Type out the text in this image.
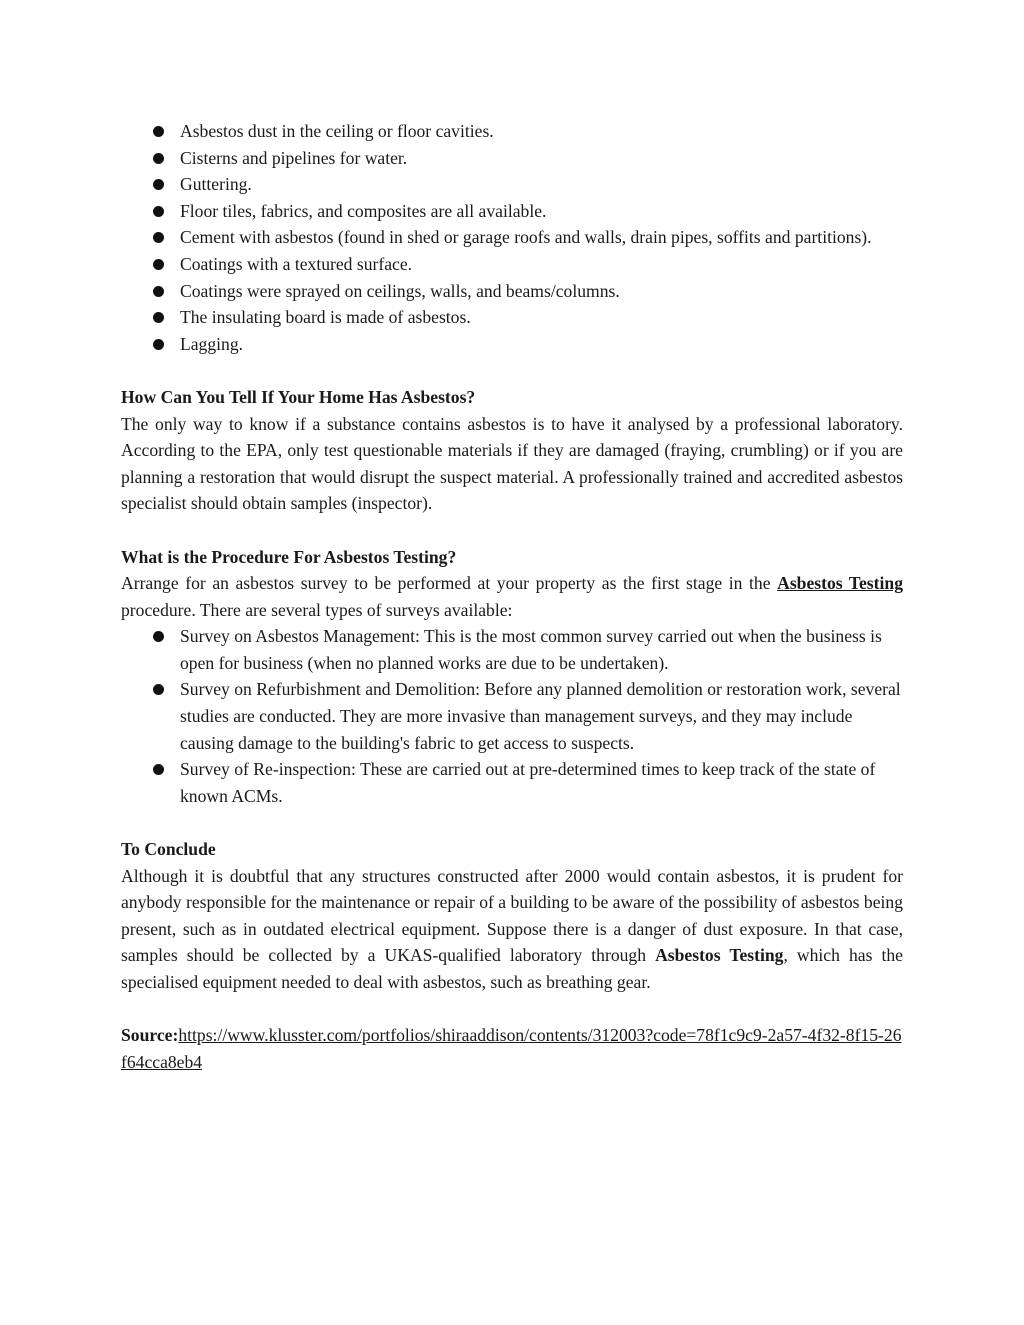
Asbestos dust in the ceiling or floor cavities.
Cisterns and pipelines for water.
Guttering.
Floor tiles, fabrics, and composites are all available.
Cement with asbestos (found in shed or garage roofs and walls, drain pipes, soffits and partitions).
Coatings with a textured surface.
Coatings were sprayed on ceilings, walls, and beams/columns.
The insulating board is made of asbestos.
Lagging.
How Can You Tell If Your Home Has Asbestos?
The only way to know if a substance contains asbestos is to have it analysed by a professional laboratory. According to the EPA, only test questionable materials if they are damaged (fraying, crumbling) or if you are planning a restoration that would disrupt the suspect material. A professionally trained and accredited asbestos specialist should obtain samples (inspector).
What is the Procedure For Asbestos Testing?
Arrange for an asbestos survey to be performed at your property as the first stage in the Asbestos Testing procedure. There are several types of surveys available:
Survey on Asbestos Management: This is the most common survey carried out when the business is open for business (when no planned works are due to be undertaken).
Survey on Refurbishment and Demolition: Before any planned demolition or restoration work, several studies are conducted. They are more invasive than management surveys, and they may include causing damage to the building's fabric to get access to suspects.
Survey of Re-inspection: These are carried out at pre-determined times to keep track of the state of known ACMs.
To Conclude
Although it is doubtful that any structures constructed after 2000 would contain asbestos, it is prudent for anybody responsible for the maintenance or repair of a building to be aware of the possibility of asbestos being present, such as in outdated electrical equipment. Suppose there is a danger of dust exposure. In that case, samples should be collected by a UKAS-qualified laboratory through Asbestos Testing, which has the specialised equipment needed to deal with asbestos, such as breathing gear.
Source:https://www.klusster.com/portfolios/shiraaddison/contents/312003?code=78f1c9c9-2a57-4f32-8f15-26f64cca8eb4
